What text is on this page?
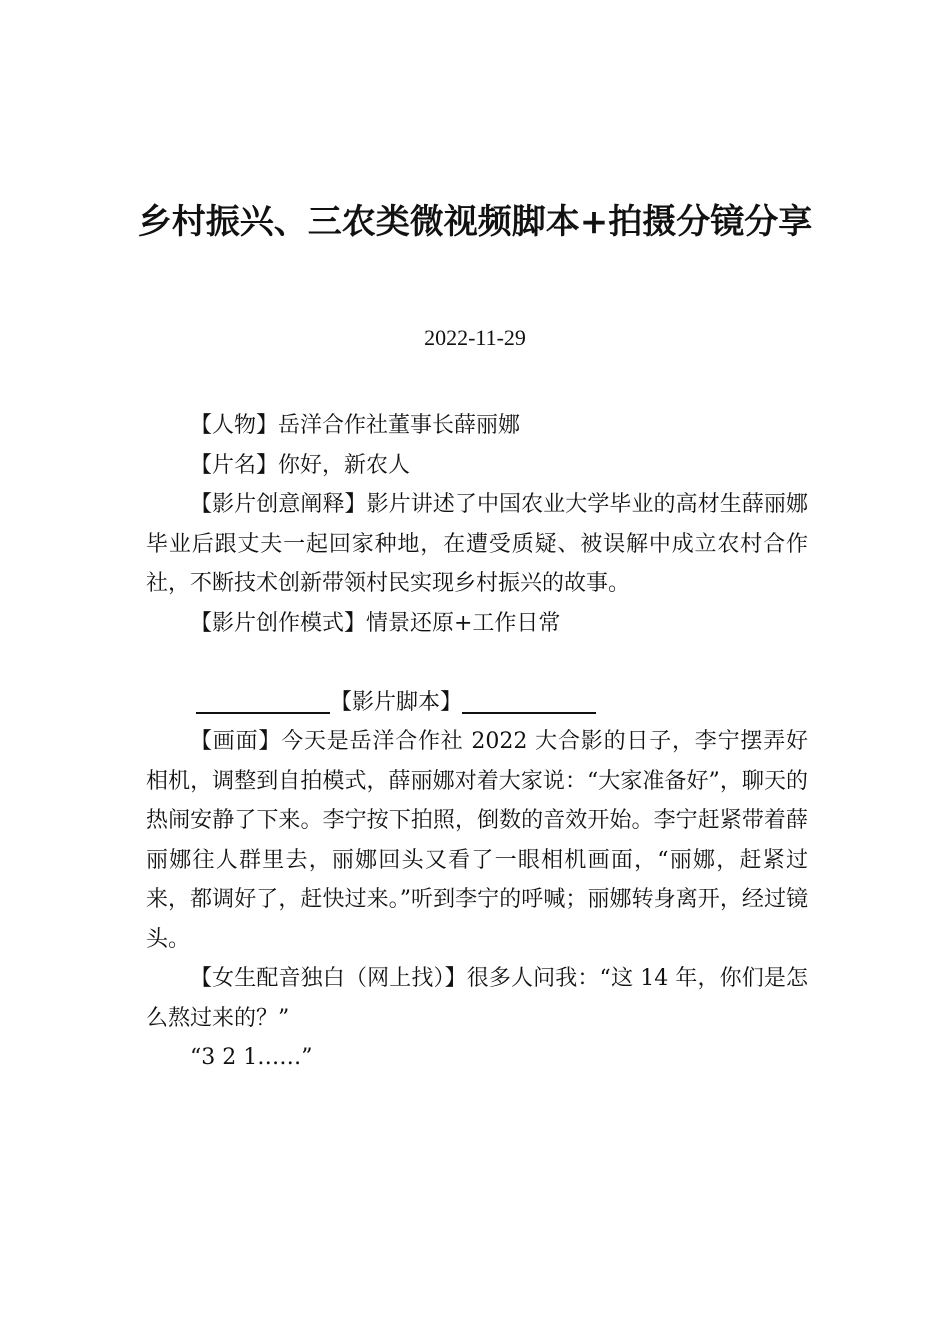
乡村振兴、三农类微视频脚本+拍摄分镜分享
2022-11-29

【人物】岳洋合作社董事长薛丽娜

【片名】你好，新农人

【影片创意阐释】影片讲述了中国农业大学毕业的高材生薛丽娜毕业后跟丈夫一起回家种地，在遭受质疑、被误解中成立农村合作社，不断技术创新带领村民实现乡村振兴的故事。

【影片创作模式】情景还原+工作日常

【影片脚本】

【画面】今天是岳洋合作社 2022 大合影的日子，李宁摆弄好相机，调整到自拍模式，薛丽娜对着大家说：“大家准备好”，聊天的热闹安静了下来。李宁按下拍照，倒数的音效开始。李宁赶紧带着薛丽娜往人群里去，丽娜回头又看了一眼相机画面，“丽娜，赶紧过来，都调好了，赶快过来。”听到李宁的呼喊；丽娜转身离开，经过镜头。

【女生配音独白（网上找）】很多人问我：“这 14 年，你们是怎么熬过来的？”

“3 2 1……”
